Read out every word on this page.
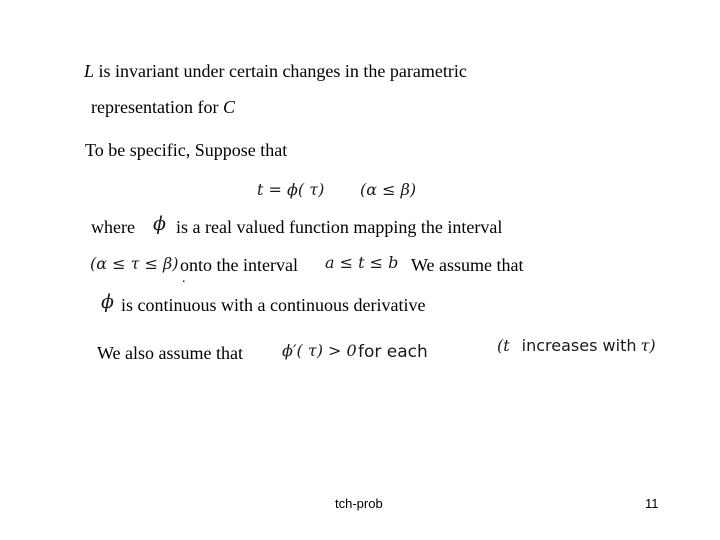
L is invariant under certain changes in the parametric
representation for C
To be specific, Suppose that
t = ϕ( τ) (α ≤ β)
where ϕ is a real valued function mapping the interval
(α ≤ τ ≤ β) onto the interval a ≤ t ≤ b We assume that
.
ϕ is continuous with a continuous derivative
We also assume that ϕ′( τ) > 0 for each	(t increases with τ)
tch-prob	11
